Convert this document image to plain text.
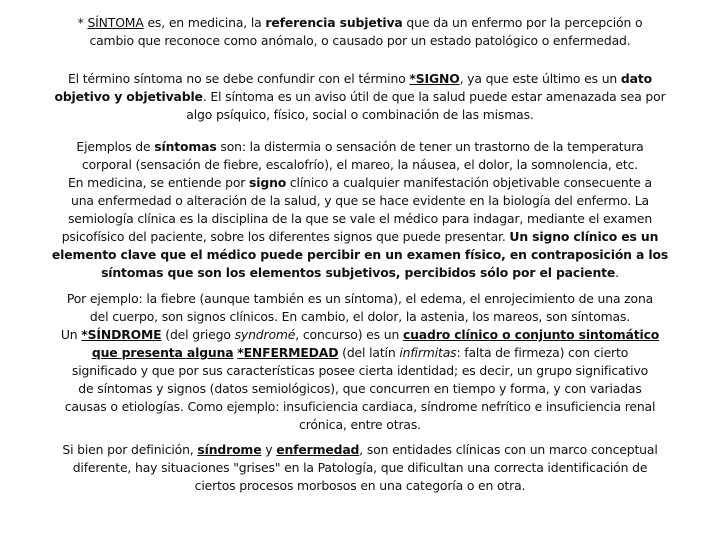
* SÍNTOMA es, en medicina, la referencia subjetiva que da un enfermo por la percepción o
cambio que reconoce como anómalo, o causado por un estado patológico o enfermedad.

El término síntoma no se debe confundir con el término *SIGNO, ya que este último es un dato
objetivo y objetivable. El síntoma es un aviso útil de que la salud puede estar amenazada sea por
algo psíquico, físico, social o combinación de las mismas.

Ejemplos de síntomas son: la distermia o sensación de tener un trastorno de la temperatura
corporal (sensación de fiebre, escalofrío), el mareo, la náusea, el dolor, la somnolencia, etc.
En medicina, se entiende por signo clínico a cualquier manifestación objetivable consecuente a
una enfermedad o alteración de la salud, y que se hace evidente en la biología del enfermo. La
semiología clínica es la disciplina de la que se vale el médico para indagar, mediante el examen
psicofísico del paciente, sobre los diferentes signos que puede presentar. Un signo clínico es un
elemento clave que el médico puede percibir en un examen físico, en contraposición a los
síntomas que son los elementos subjetivos, percibidos sólo por el paciente.

Por ejemplo: la fiebre (aunque también es un síntoma), el edema, el enrojecimiento de una zona
del cuerpo, son signos clínicos. En cambio, el dolor, la astenia, los mareos, son síntomas.
Un *SÍNDROME (del griego syndromé, concurso) es un cuadro clínico o conjunto sintomático
que presenta alguna *ENFERMEDAD (del latín infirmitas: falta de firmeza) con cierto
significado y que por sus características posee cierta identidad; es decir, un grupo significativo
de síntomas y signos (datos semiológicos), que concurren en tiempo y forma, y con variadas
causas o etiologías. Como ejemplo: insuficiencia cardiaca, síndrome nefrítico e insuficiencia renal
crónica, entre otras.

Si bien por definición, síndrome y enfermedad, son entidades clínicas con un marco conceptual
diferente, hay situaciones "grises" en la Patología, que dificultan una correcta identificación de
ciertos procesos morbosos en una categoría o en otra.
